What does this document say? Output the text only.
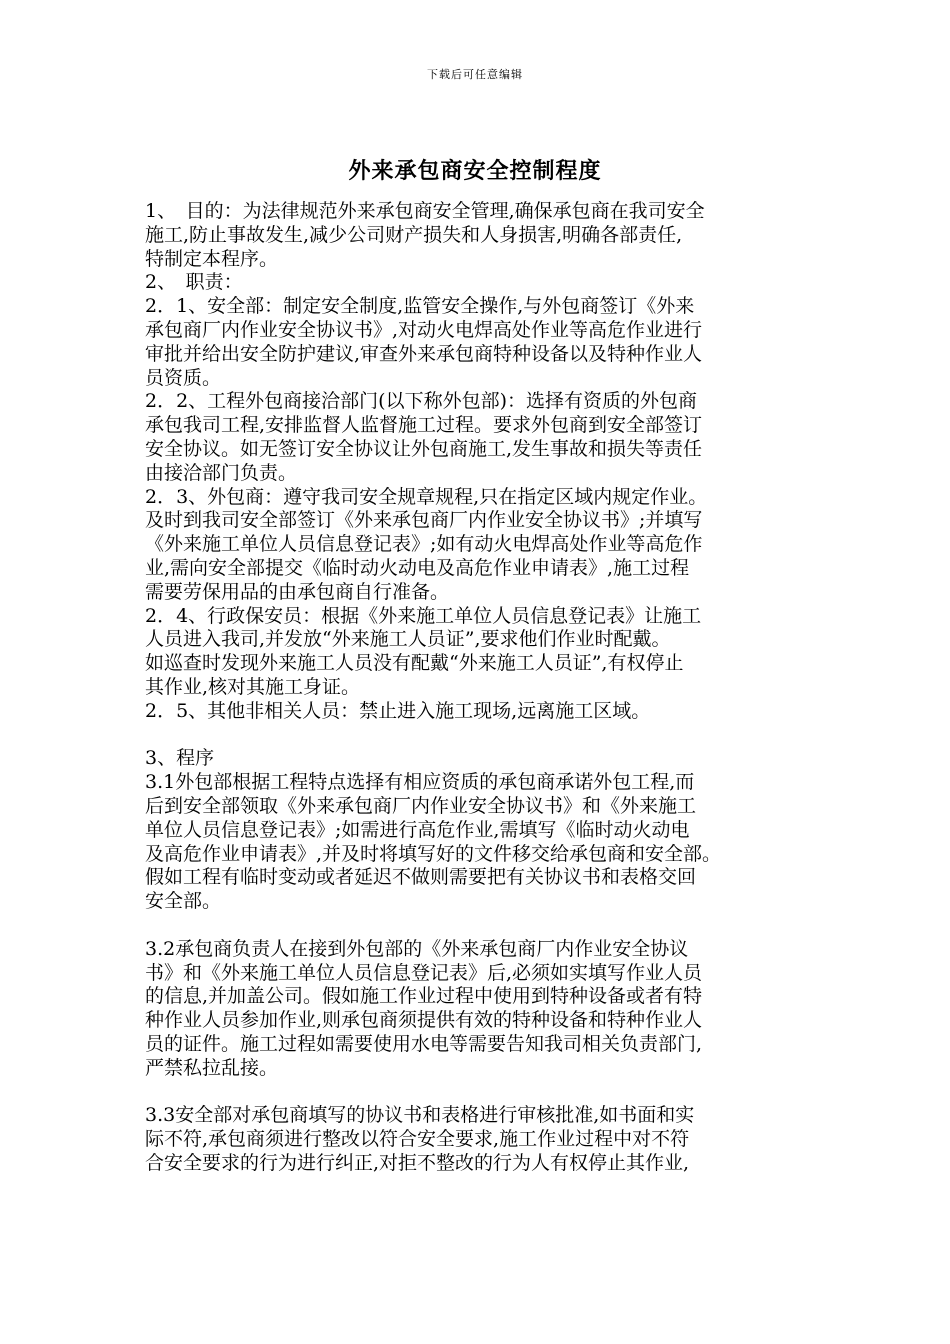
下载后可任意编辑
外来承包商安全控制程度
1、　目的：为法律规范外来承包商安全管理,确保承包商在我司安全
施工,防止事故发生,减少公司财产损失和人身损害,明确各部责任,
特制定本程序。
2、　职责：
2．1、安全部：制定安全制度,监管安全操作,与外包商签订《外来
承包商厂内作业安全协议书》,对动火电焊高处作业等高危作业进行
审批并给出安全防护建议,审查外来承包商特种设备以及特种作业人
员资质。
2．2、工程外包商接洽部门(以下称外包部)：选择有资质的外包商
承包我司工程,安排监督人监督施工过程。要求外包商到安全部签订
安全协议。如无签订安全协议让外包商施工,发生事故和损失等责任
由接洽部门负责。
2．3、外包商：遵守我司安全规章规程,只在指定区域内规定作业。
及时到我司安全部签订《外来承包商厂内作业安全协议书》;并填写
《外来施工单位人员信息登记表》;如有动火电焊高处作业等高危作
业,需向安全部提交《临时动火动电及高危作业申请表》,施工过程
需要劳保用品的由承包商自行准备。
2．4、行政保安员：根据《外来施工单位人员信息登记表》让施工
人员进入我司,并发放“外来施工人员证”,要求他们作业时配戴。
如巡查时发现外来施工人员没有配戴“外来施工人员证”,有权停止
其作业,核对其施工身证。
2．5、其他非相关人员：禁止进入施工现场,远离施工区域。
3、程序
3.1外包部根据工程特点选择有相应资质的承包商承诺外包工程,而
后到安全部领取《外来承包商厂内作业安全协议书》和《外来施工
单位人员信息登记表》;如需进行高危作业,需填写《临时动火动电
及高危作业申请表》,并及时将填写好的文件移交给承包商和安全部。
假如工程有临时变动或者延迟不做则需要把有关协议书和表格交回
安全部。
3.2承包商负责人在接到外包部的《外来承包商厂内作业安全协议
书》和《外来施工单位人员信息登记表》后,必须如实填写作业人员
的信息,并加盖公司。假如施工作业过程中使用到特种设备或者有特
种作业人员参加作业,则承包商须提供有效的特种设备和特种作业人
员的证件。施工过程如需要使用水电等需要告知我司相关负责部门,
严禁私拉乱接。
3.3安全部对承包商填写的协议书和表格进行审核批准,如书面和实
际不符,承包商须进行整改以符合安全要求,施工作业过程中对不符
合安全要求的行为进行纠正,对拒不整改的行为人有权停止其作业,
